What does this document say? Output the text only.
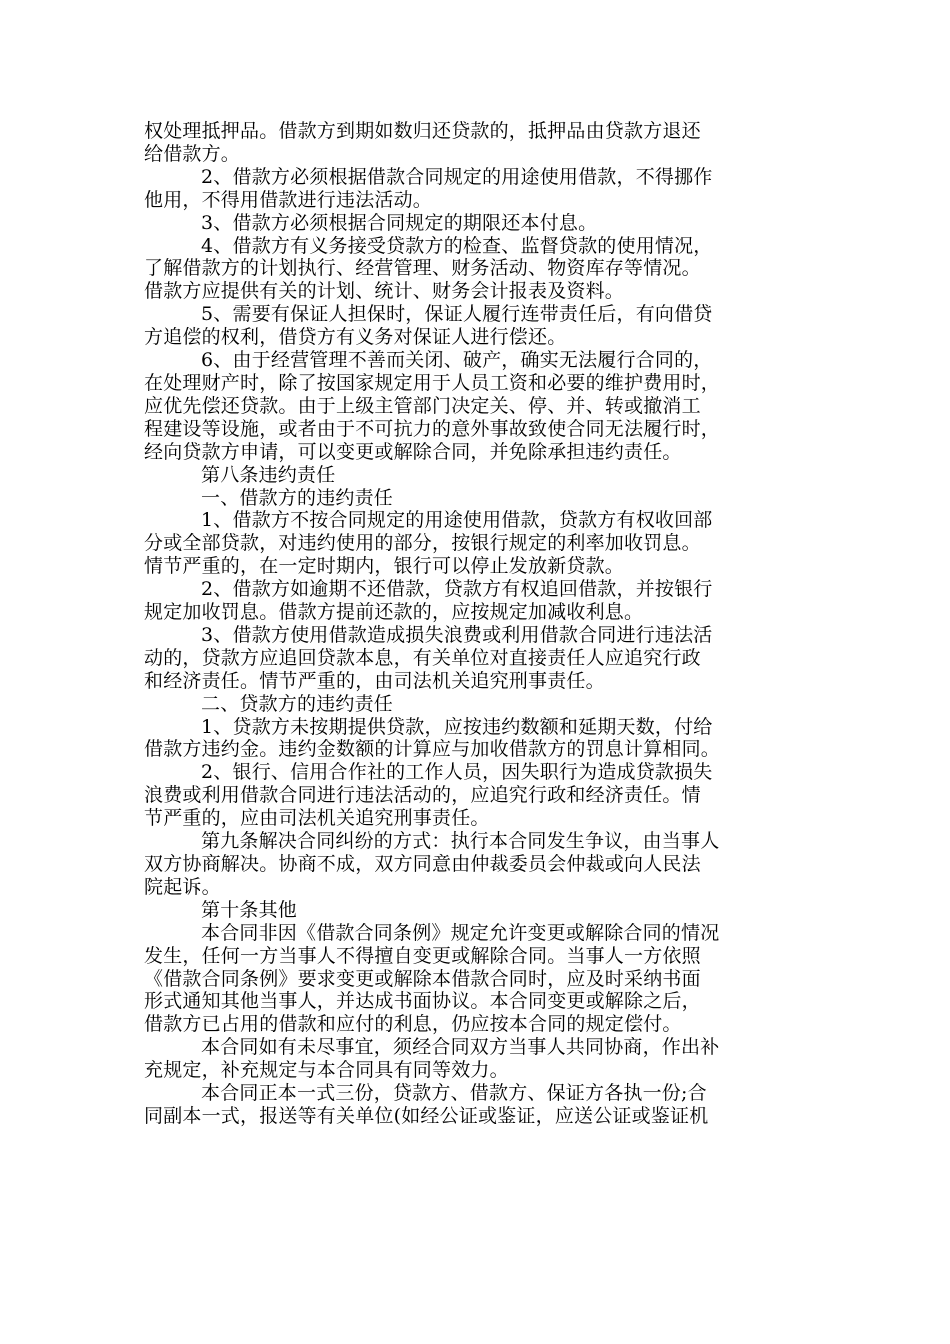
权处理抵押品。借款方到期如数归还贷款的，抵押品由贷款方退还
给借款方。

2、借款方必须根据借款合同规定的用途使用借款，不得挪作
他用，不得用借款进行违法活动。

3、借款方必须根据合同规定的期限还本付息。

4、借款方有义务接受贷款方的检查、监督贷款的使用情况，
了解借款方的计划执行、经营管理、财务活动、物资库存等情况。
借款方应提供有关的计划、统计、财务会计报表及资料。

5、需要有保证人担保时，保证人履行连带责任后，有向借贷
方追偿的权利，借贷方有义务对保证人进行偿还。

6、由于经营管理不善而关闭、破产，确实无法履行合同的，
在处理财产时，除了按国家规定用于人员工资和必要的维护费用时，
应优先偿还贷款。由于上级主管部门决定关、停、并、转或撤消工
程建设等设施，或者由于不可抗力的意外事故致使合同无法履行时，
经向贷款方申请，可以变更或解除合同，并免除承担违约责任。

第八条违约责任

一、借款方的违约责任

1、借款方不按合同规定的用途使用借款，贷款方有权收回部
分或全部贷款，对违约使用的部分，按银行规定的利率加收罚息。
情节严重的，在一定时期内，银行可以停止发放新贷款。

2、借款方如逾期不还借款，贷款方有权追回借款，并按银行
规定加收罚息。借款方提前还款的，应按规定加减收利息。

3、借款方使用借款造成损失浪费或利用借款合同进行违法活
动的，贷款方应追回贷款本息，有关单位对直接责任人应追究行政
和经济责任。情节严重的，由司法机关追究刑事责任。

二、贷款方的违约责任

1、贷款方未按期提供贷款，应按违约数额和延期天数，付给
借款方违约金。违约金数额的计算应与加收借款方的罚息计算相同。

2、银行、信用合作社的工作人员，因失职行为造成贷款损失
浪费或利用借款合同进行违法活动的，应追究行政和经济责任。情
节严重的，应由司法机关追究刑事责任。

第九条解决合同纠纷的方式：执行本合同发生争议，由当事人
双方协商解决。协商不成，双方同意由仲裁委员会仲裁或向人民法
院起诉。

第十条其他

本合同非因《借款合同条例》规定允许变更或解除合同的情况
发生，任何一方当事人不得擅自变更或解除合同。当事人一方依照
《借款合同条例》要求变更或解除本借款合同时，应及时采纳书面
形式通知其他当事人，并达成书面协议。本合同变更或解除之后，
借款方已占用的借款和应付的利息，仍应按本合同的规定偿付。

本合同如有未尽事宜，须经合同双方当事人共同协商，作出补
充规定，补充规定与本合同具有同等效力。

本合同正本一式三份，贷款方、借款方、保证方各执一份;合
同副本一式，报送等有关单位(如经公证或鉴证，应送公证或鉴证机
